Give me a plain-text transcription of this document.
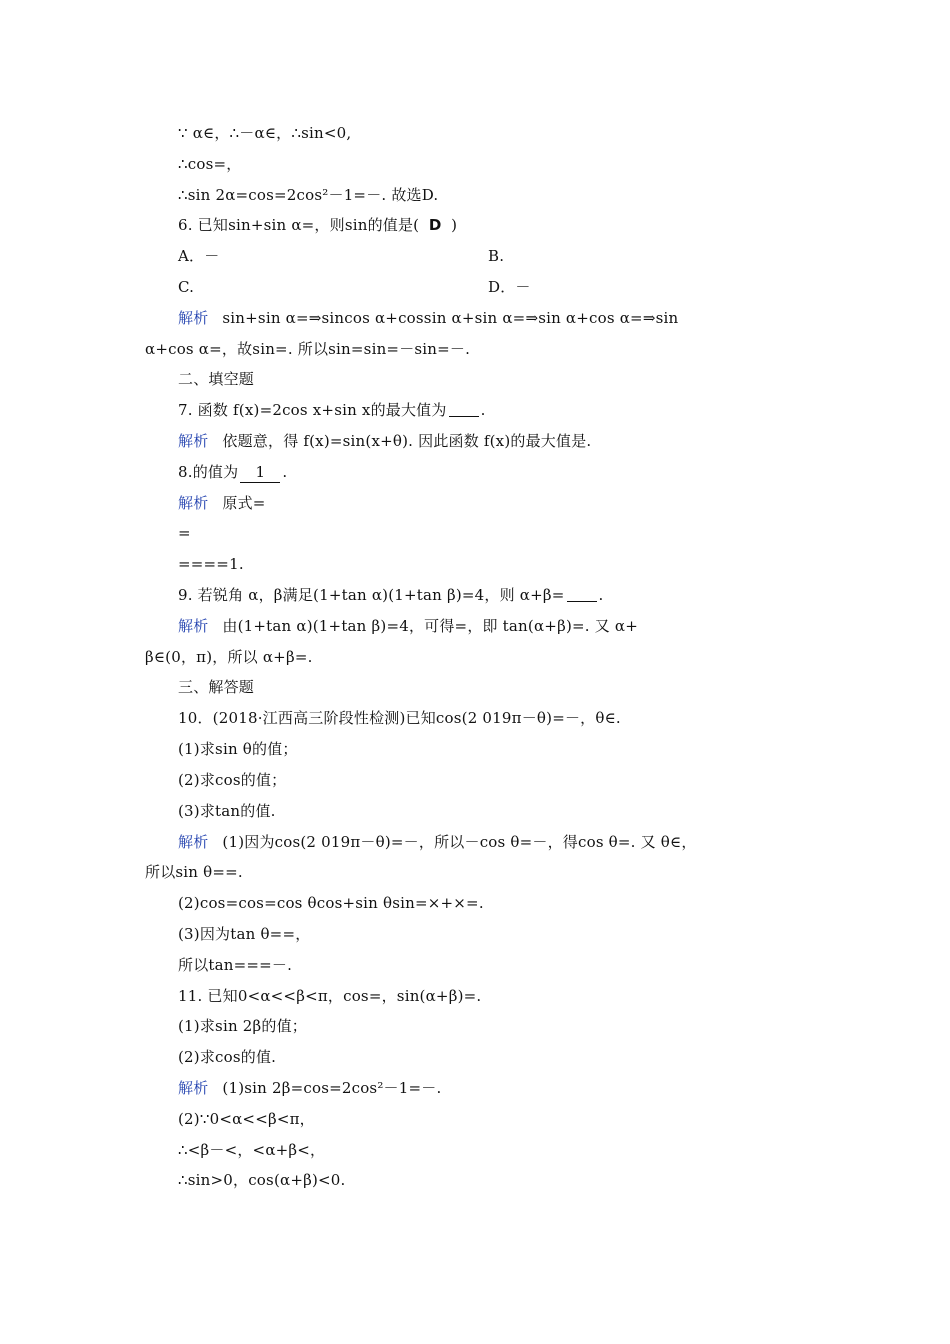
∵ α∈，∴－α∈，∴sin<0,
∴cos=，
∴sin 2α=cos=2cos²－1=－. 故选D.
6. 已知sin+sin α=，则sin的值是( D )
A．－	B.
C.	D．－
解析 sin+sin α=⇒sincos α+cossin α+sin α=⇒sin α+cos α=⇒sin
α+cos α=，故sin=. 所以sin=sin=－sin=－.
二、填空题
7. 函数 f(x)=2cos x+sin x的最大值为 .
解析 依题意，得 f(x)=sin(x+θ). 因此函数 f(x)的最大值是.
8.的值为 1 .
解析 原式=
=
====1.
9. 若锐角 α，β满足(1+tan α)(1+tan β)=4，则 α+β= .
解析 由(1+tan α)(1+tan β)=4，可得=，即 tan(α+β)=. 又 α+
β∈(0，π)，所以 α+β=.
三、解答题
10．(2018·江西高三阶段性检测)已知cos(2 019π－θ)=－，θ∈.
(1)求sin θ的值；
(2)求cos的值；
(3)求tan的值.
解析 (1)因为cos(2 019π－θ)=－，所以－cos θ=－，得cos θ=. 又 θ∈，
所以sin θ==.
(2)cos=cos=cos θcos+sin θsin=×+×=.
(3)因为tan θ==，
所以tan===－.
11. 已知0<α<<β<π，cos=，sin(α+β)=.
(1)求sin 2β的值；
(2)求cos的值.
解析 (1)sin 2β=cos=2cos²－1=－.
(2)∵0<α<<β<π，
∴<β－<，<α+β<，
∴sin>0，cos(α+β)<0.
